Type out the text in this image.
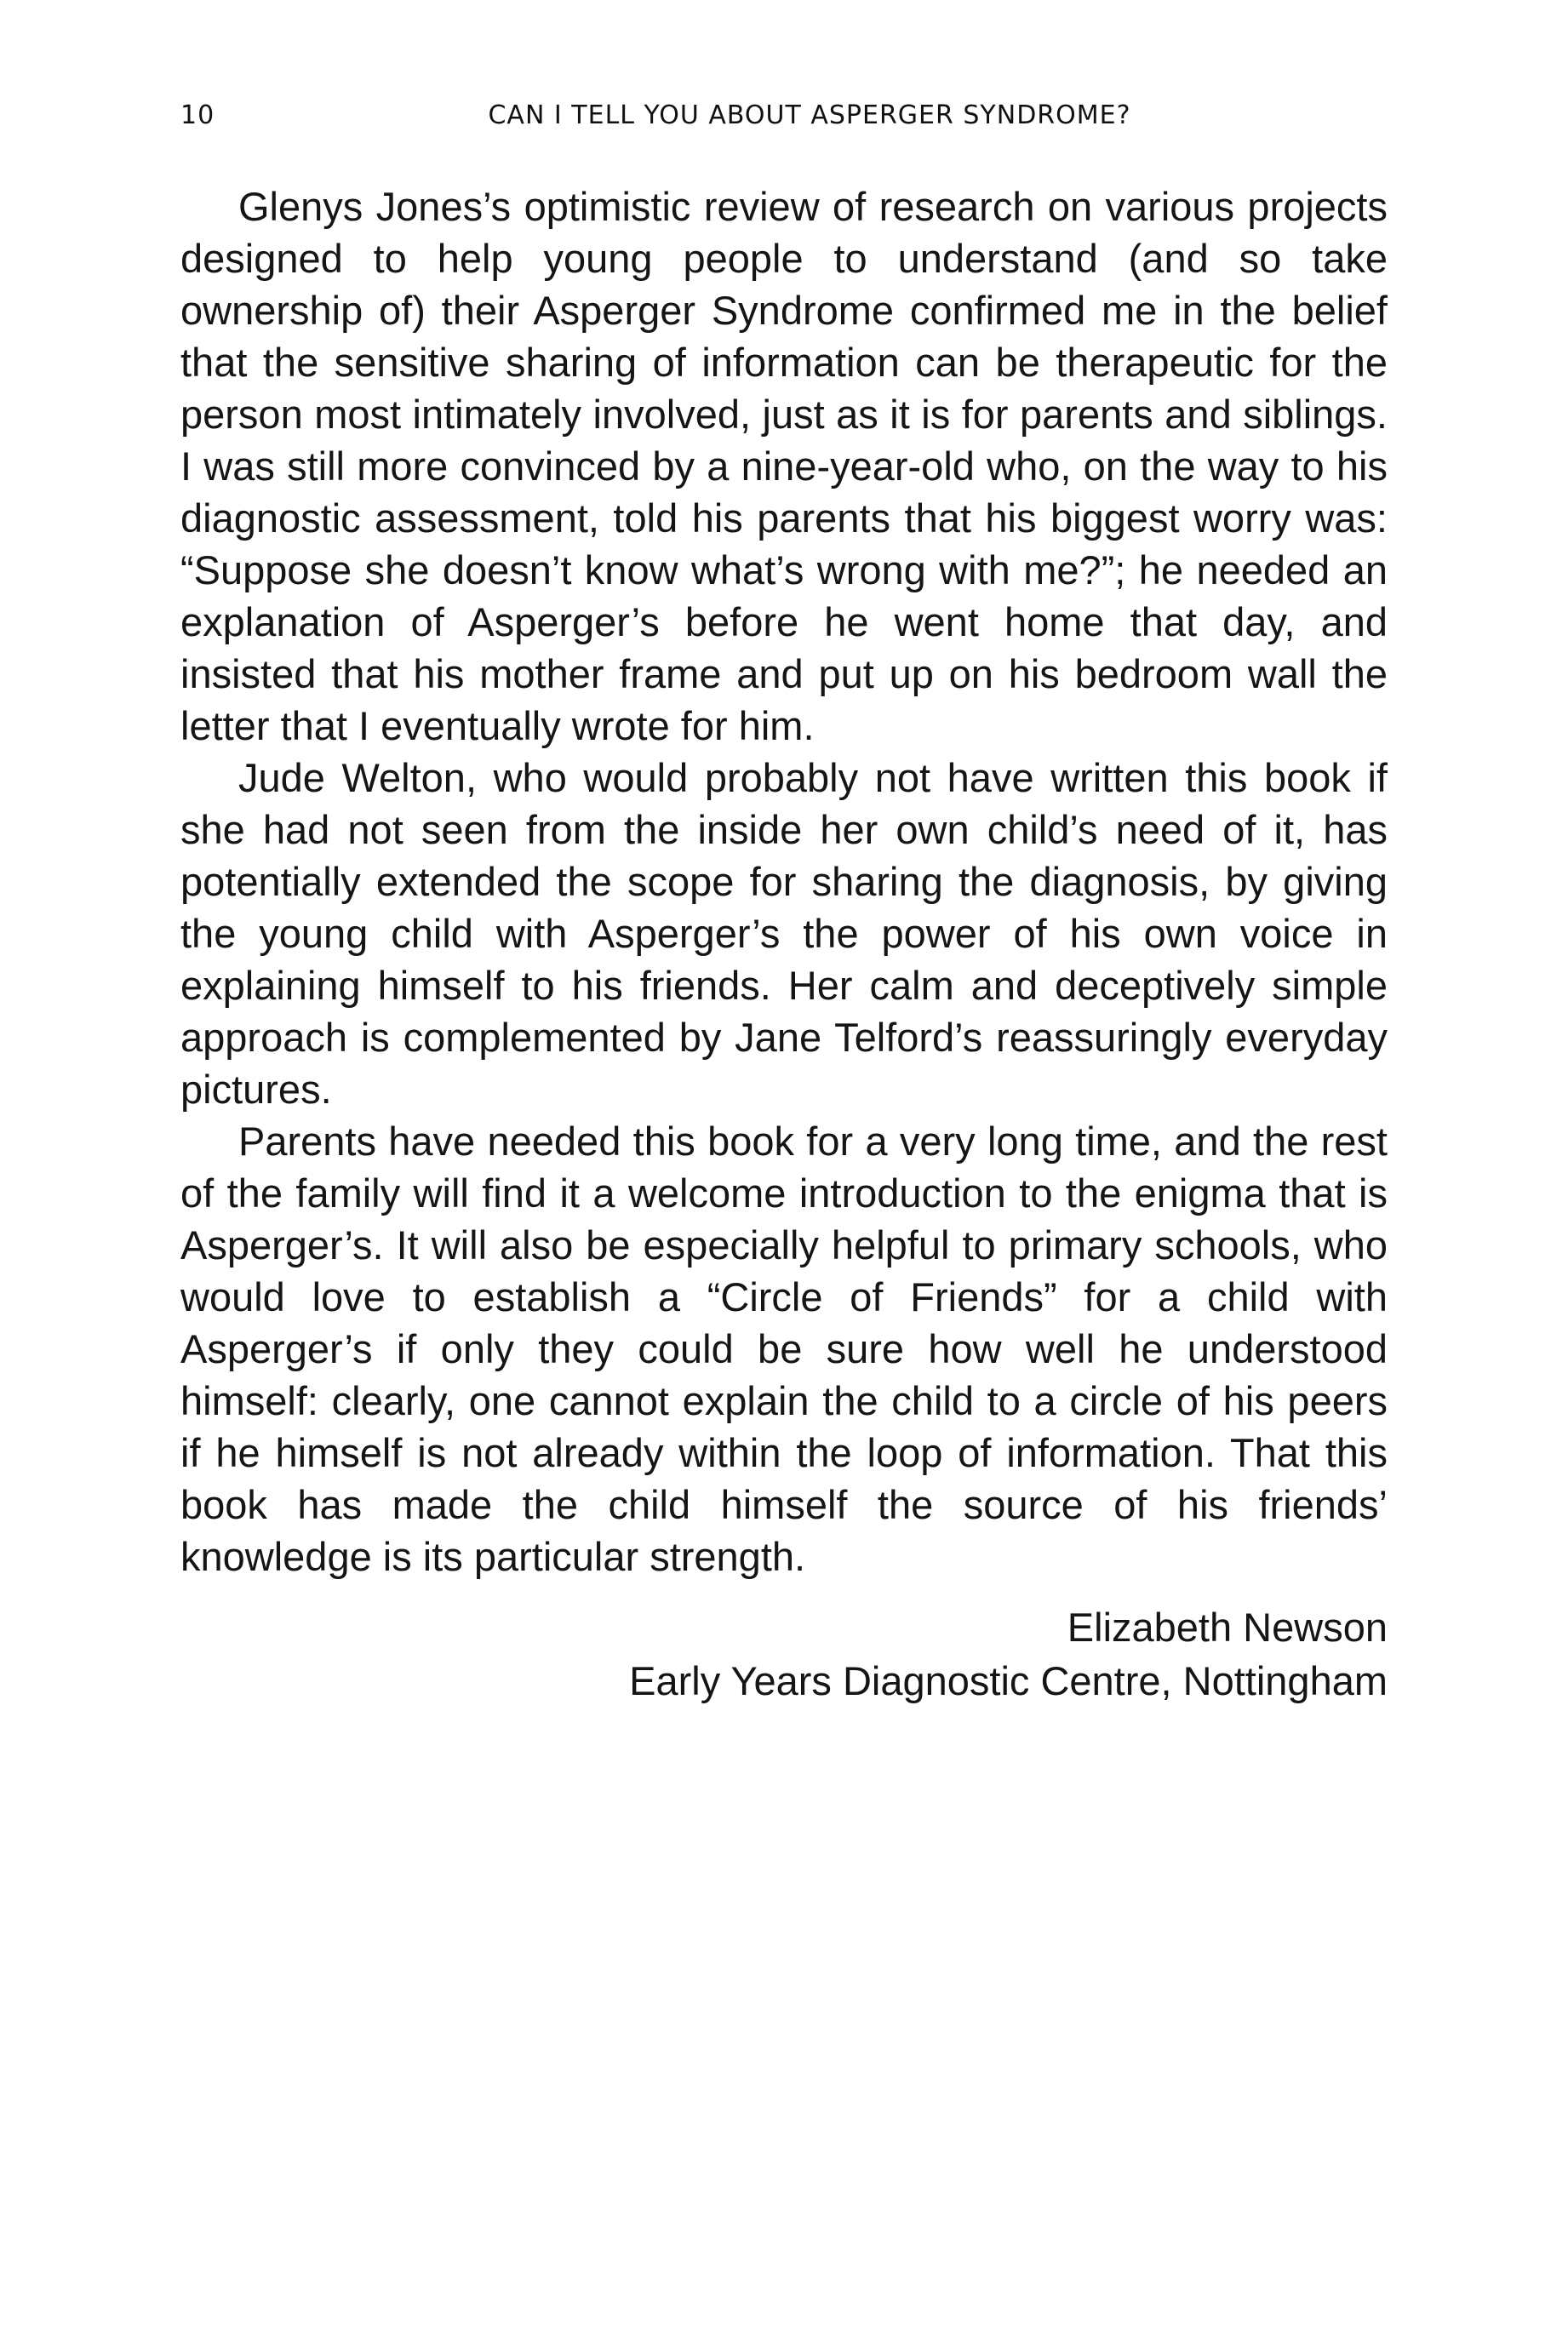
10	CAN I TELL YOU ABOUT ASPERGER SYNDROME?

Glenys Jones’s optimistic review of research on various projects designed to help young people to understand (and so take ownership of) their Asperger Syndrome confirmed me in the belief that the sensitive sharing of information can be therapeutic for the person most intimately involved, just as it is for parents and siblings. I was still more convinced by a nine-year-old who, on the way to his diagnostic assessment, told his parents that his biggest worry was: “Suppose she doesn’t know what’s wrong with me?”; he needed an explanation of Asperger’s before he went home that day, and insisted that his mother frame and put up on his bedroom wall the letter that I eventually wrote for him.

Jude Welton, who would probably not have written this book if she had not seen from the inside her own child’s need of it, has potentially extended the scope for sharing the diagnosis, by giving the young child with Asperger’s the power of his own voice in explaining himself to his friends. Her calm and deceptively simple approach is complemented by Jane Telford’s reassuringly everyday pictures.

Parents have needed this book for a very long time, and the rest of the family will find it a welcome introduction to the enigma that is Asperger’s. It will also be especially helpful to primary schools, who would love to establish a “Circle of Friends” for a child with Asperger’s if only they could be sure how well he understood himself: clearly, one cannot explain the child to a circle of his peers if he himself is not already within the loop of information. That this book has made the child himself the source of his friends’ knowledge is its particular strength.

Elizabeth Newson
Early Years Diagnostic Centre, Nottingham
